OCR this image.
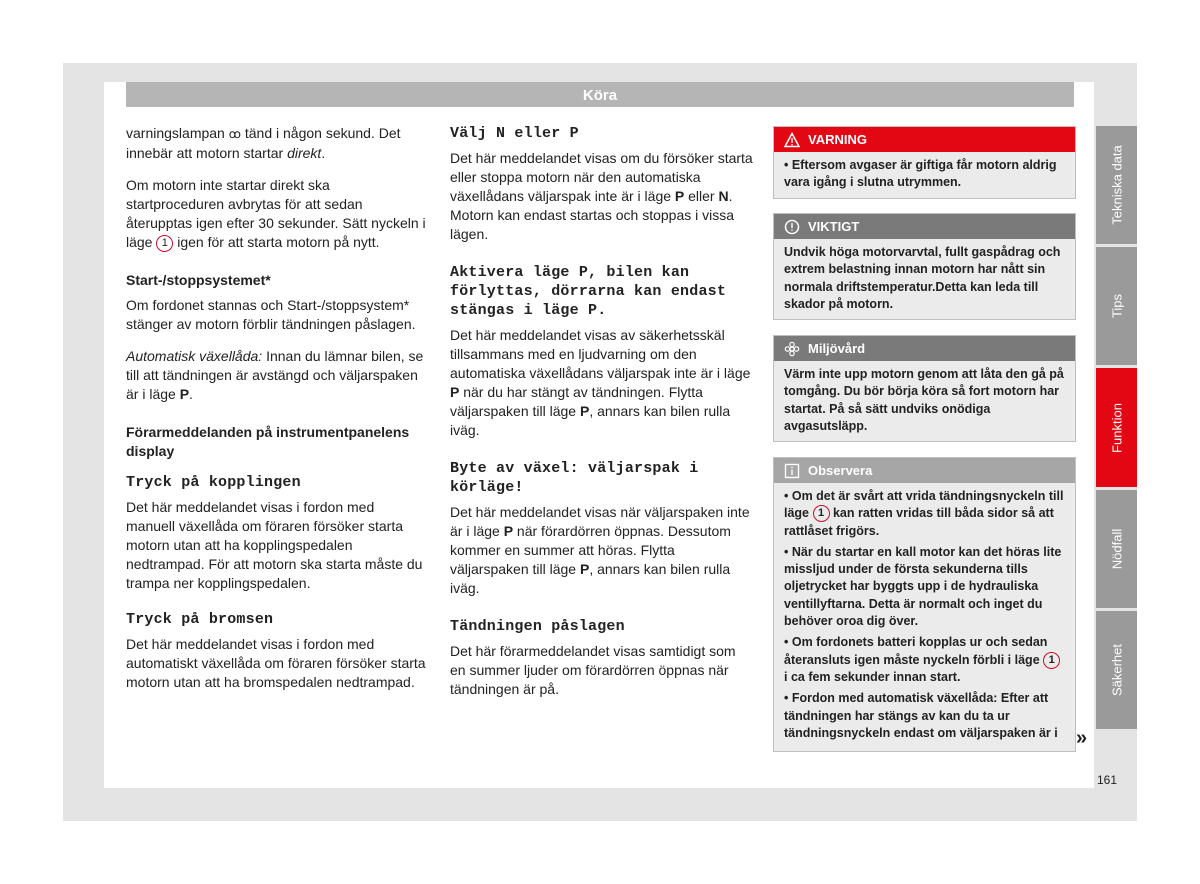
Köra

varningslampan ꝏ tänd i någon sekund. Det innebär att motorn startar direkt.

Om motorn inte startar direkt ska startproceduren avbrytas för att sedan återupptas igen efter 30 sekunder. Sätt nyckeln i läge 1 igen för att starta motorn på nytt.

Start-/stoppsystemet*

Om fordonet stannas och Start-/stoppsystem* stänger av motorn förblir tändningen påslagen.

Automatisk växellåda: Innan du lämnar bilen, se till att tändningen är avstängd och väljarspaken är i läge P.

Förarmeddelanden på instrumentpanelens display
Tryck på kopplingen

Det här meddelandet visas i fordon med manuell växellåda om föraren försöker starta motorn utan att ha kopplingspedalen nedtrampad. För att motorn ska starta måste du trampa ner kopplingspedalen.

Tryck på bromsen

Det här meddelandet visas i fordon med automatiskt växellåda om föraren försöker starta motorn utan att ha bromspedalen nedtrampad.

Välj N eller P

Det här meddelandet visas om du försöker starta eller stoppa motorn när den automatiska växellådans väljarspak inte är i läge P eller N. Motorn kan endast startas och stoppas i vissa lägen.

Aktivera läge P, bilen kan förlyttas, dörrarna kan endast stängas i läge P.

Det här meddelandet visas av säkerhetsskäl tillsammans med en ljudvarning om den automatiska växellådans väljarspak inte är i läge P när du har stängt av tändningen. Flytta väljarspaken till läge P, annars kan bilen rulla iväg.

Byte av växel: väljarspak i körläge!

Det här meddelandet visas när väljarspaken inte är i läge P när förardörren öppnas. Dessutom kommer en summer att höras. Flytta väljarspaken till läge P, annars kan bilen rulla iväg.

Tändningen påslagen

Det här förarmeddelandet visas samtidigt som en summer ljuder om förardörren öppnas när tändningen är på.

VARNING
• Eftersom avgaser är giftiga får motorn aldrig vara igång i slutna utrymmen.
VIKTIGT
Undvik höga motorvarvtal, fullt gaspådrag och extrem belastning innan motorn har nått sin normala driftstemperatur.Detta kan leda till skador på motorn.
Miljövård
Värm inte upp motorn genom att låta den gå på tomgång. Du bör börja köra så fort motorn har startat. På så sätt undviks onödiga avgasutsläpp.
Observera

• Om det är svårt att vrida tändningsnyckeln till läge 1 kan ratten vridas till båda sidor så att rattlåset frigörs.

• När du startar en kall motor kan det höras lite missljud under de första sekunderna tills oljetrycket har byggts upp i de hydrauliska ventillyftarna. Detta är normalt och inget du behöver oroa dig över.

• Om fordonets batteri kopplas ur och sedan återansluts igen måste nyckeln förbli i läge 1 i ca fem sekunder innan start.

• Fordon med automatisk växellåda: Efter att tändningen har stängs av kan du ta ur tändningsnyckeln endast om väljarspaken är i »
Tekniska data
Tips
Funktion
Nödfall
Säkerhet
161
